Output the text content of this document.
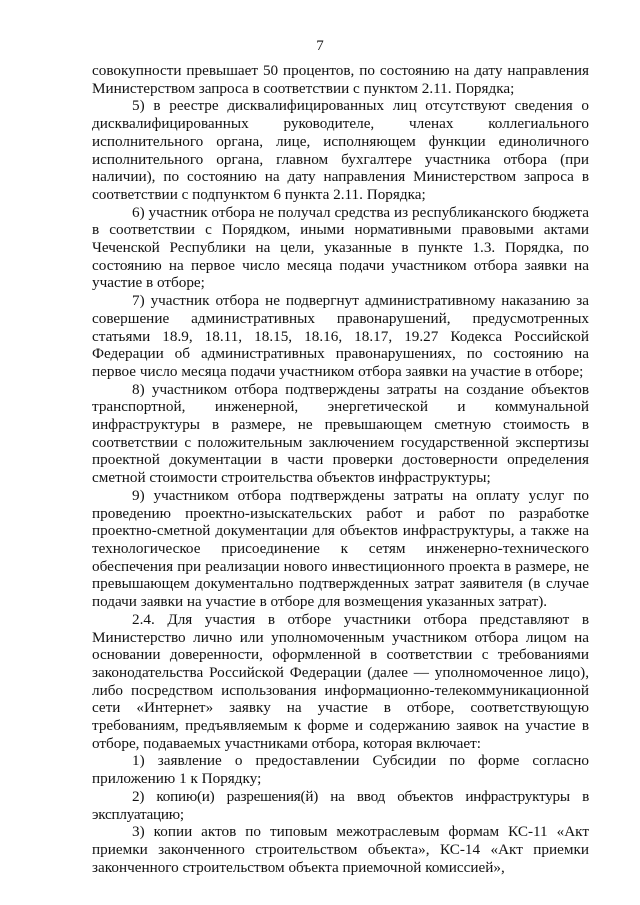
7

совокупности превышает 50 процентов, по состоянию на дату направления Министерством запроса в соответствии с пунктом 2.11. Порядка;

5) в реестре дисквалифицированных лиц отсутствуют сведения о дисквалифицированных руководителе, членах коллегиального исполнительного органа, лице, исполняющем функции единоличного исполнительного органа, главном бухгалтере участника отбора (при наличии), по состоянию на дату направления Министерством запроса в соответствии с подпунктом 6 пункта 2.11. Порядка;

6) участник отбора не получал средства из республиканского бюджета в соответствии с Порядком, иными нормативными правовыми актами Чеченской Республики на цели, указанные в пункте 1.3. Порядка, по состоянию на первое число месяца подачи участником отбора заявки на участие в отборе;

7) участник отбора не подвергнут административному наказанию за совершение административных правонарушений, предусмотренных статьями 18.9, 18.11, 18.15, 18.16, 18.17, 19.27 Кодекса Российской Федерации об административных правонарушениях, по состоянию на первое число месяца подачи участником отбора заявки на участие в отборе;

8) участником отбора подтверждены затраты на создание объектов транспортной, инженерной, энергетической и коммунальной инфраструктуры в размере, не превышающем сметную стоимость в соответствии с положительным заключением государственной экспертизы проектной документации в части проверки достоверности определения сметной стоимости строительства объектов инфраструктуры;

9) участником отбора подтверждены затраты на оплату услуг по проведению проектно-изыскательских работ и работ по разработке проектно-сметной документации для объектов инфраструктуры, а также на технологическое присоединение к сетям инженерно-технического обеспечения при реализации нового инвестиционного проекта в размере, не превышающем документально подтвержденных затрат заявителя (в случае подачи заявки на участие в отборе для возмещения указанных затрат).

2.4. Для участия в отборе участники отбора представляют в Министерство лично или уполномоченным участником отбора лицом на основании доверенности, оформленной в соответствии с требованиями законодательства Российской Федерации (далее — уполномоченное лицо), либо посредством использования информационно-телекоммуникационной сети «Интернет» заявку на участие в отборе, соответствующую требованиям, предъявляемым к форме и содержанию заявок на участие в отборе, подаваемых участниками отбора, которая включает:

1) заявление о предоставлении Субсидии по форме согласно приложению 1 к Порядку;

2) копию(и) разрешения(й) на ввод объектов инфраструктуры в эксплуатацию;

3) копии актов по типовым межотраслевым формам КС-11 «Акт приемки законченного строительством объекта», КС-14 «Акт приемки законченного строительством объекта приемочной комиссией»,
